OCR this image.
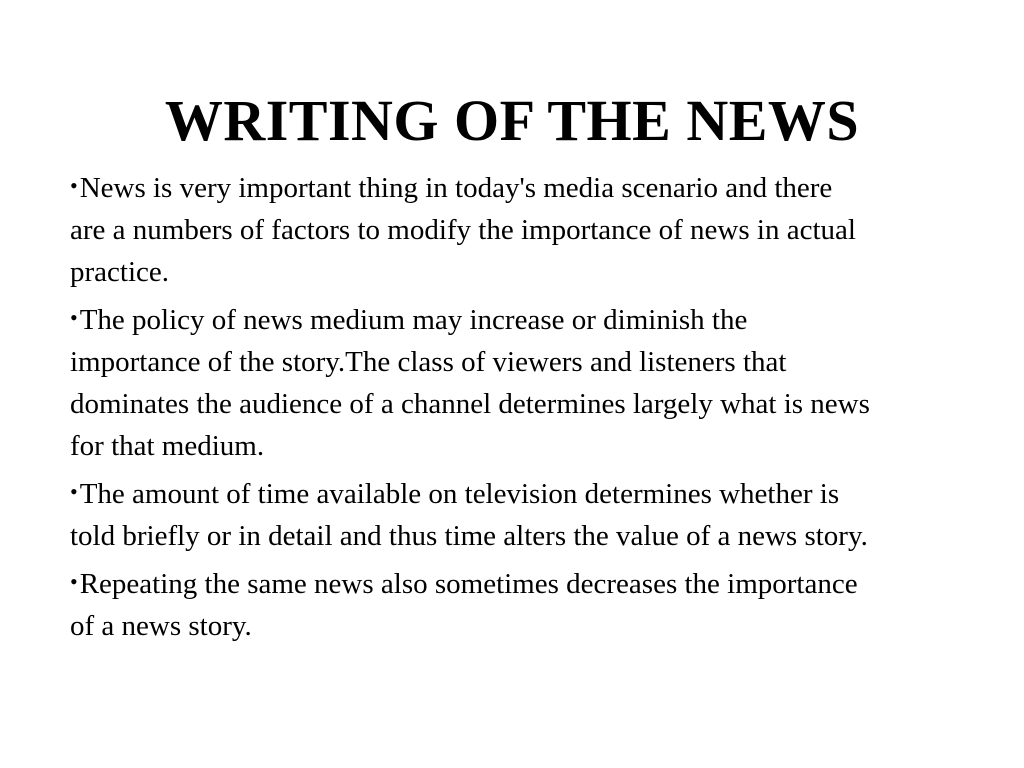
WRITING OF THE NEWS
•News is very important thing in today's media scenario and there are a numbers of factors to modify the importance of news in actual practice.
•The policy of news medium may increase or diminish the importance of the story.The class of viewers and listeners that dominates the audience of a channel determines largely what is news for that medium.
•The amount of time available on television determines whether is told briefly or in detail and thus time alters the value of a news story.
•Repeating the same news also sometimes decreases the importance of a news story.
